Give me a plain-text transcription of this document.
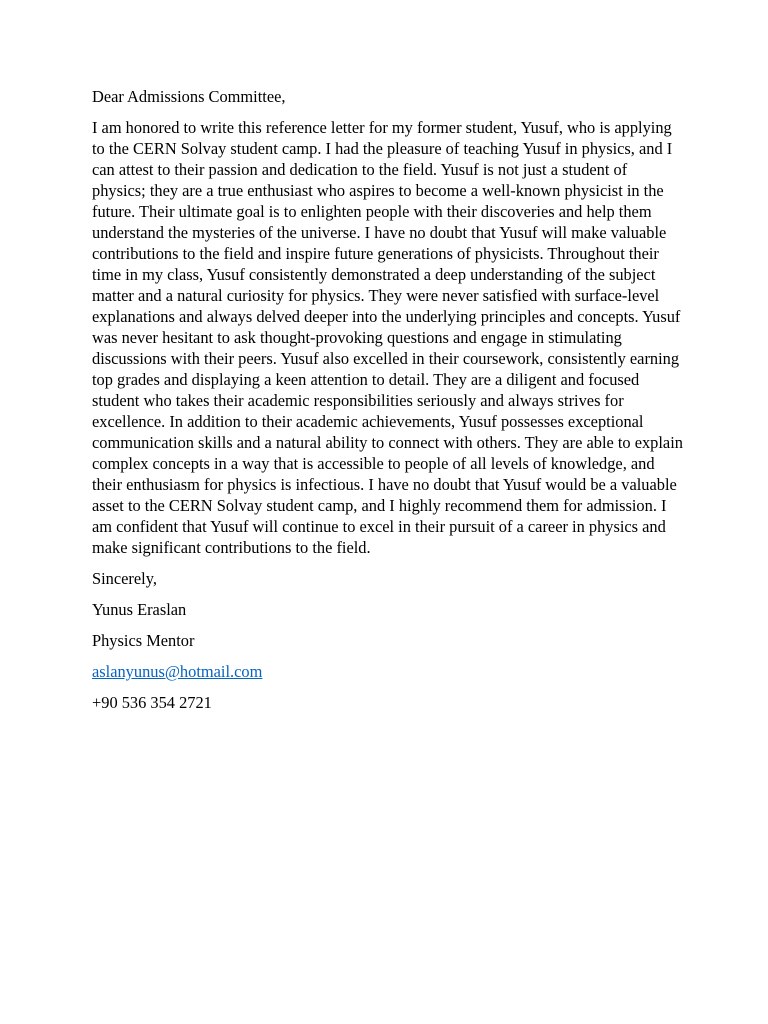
Dear Admissions Committee,

I am honored to write this reference letter for my former student, Yusuf, who is applying to the CERN Solvay student camp. I had the pleasure of teaching Yusuf in physics, and I can attest to their passion and dedication to the field. Yusuf is not just a student of physics; they are a true enthusiast who aspires to become a well-known physicist in the future. Their ultimate goal is to enlighten people with their discoveries and help them understand the mysteries of the universe. I have no doubt that Yusuf will make valuable contributions to the field and inspire future generations of physicists. Throughout their time in my class, Yusuf consistently demonstrated a deep understanding of the subject matter and a natural curiosity for physics. They were never satisfied with surface-level explanations and always delved deeper into the underlying principles and concepts. Yusuf was never hesitant to ask thought-provoking questions and engage in stimulating discussions with their peers. Yusuf also excelled in their coursework, consistently earning top grades and displaying a keen attention to detail. They are a diligent and focused student who takes their academic responsibilities seriously and always strives for excellence. In addition to their academic achievements, Yusuf possesses exceptional communication skills and a natural ability to connect with others. They are able to explain complex concepts in a way that is accessible to people of all levels of knowledge, and their enthusiasm for physics is infectious. I have no doubt that Yusuf would be a valuable asset to the CERN Solvay student camp, and I highly recommend them for admission. I am confident that Yusuf will continue to excel in their pursuit of a career in physics and make significant contributions to the field.

Sincerely,

Yunus Eraslan

Physics Mentor

aslanyunus@hotmail.com

+90 536 354 2721
